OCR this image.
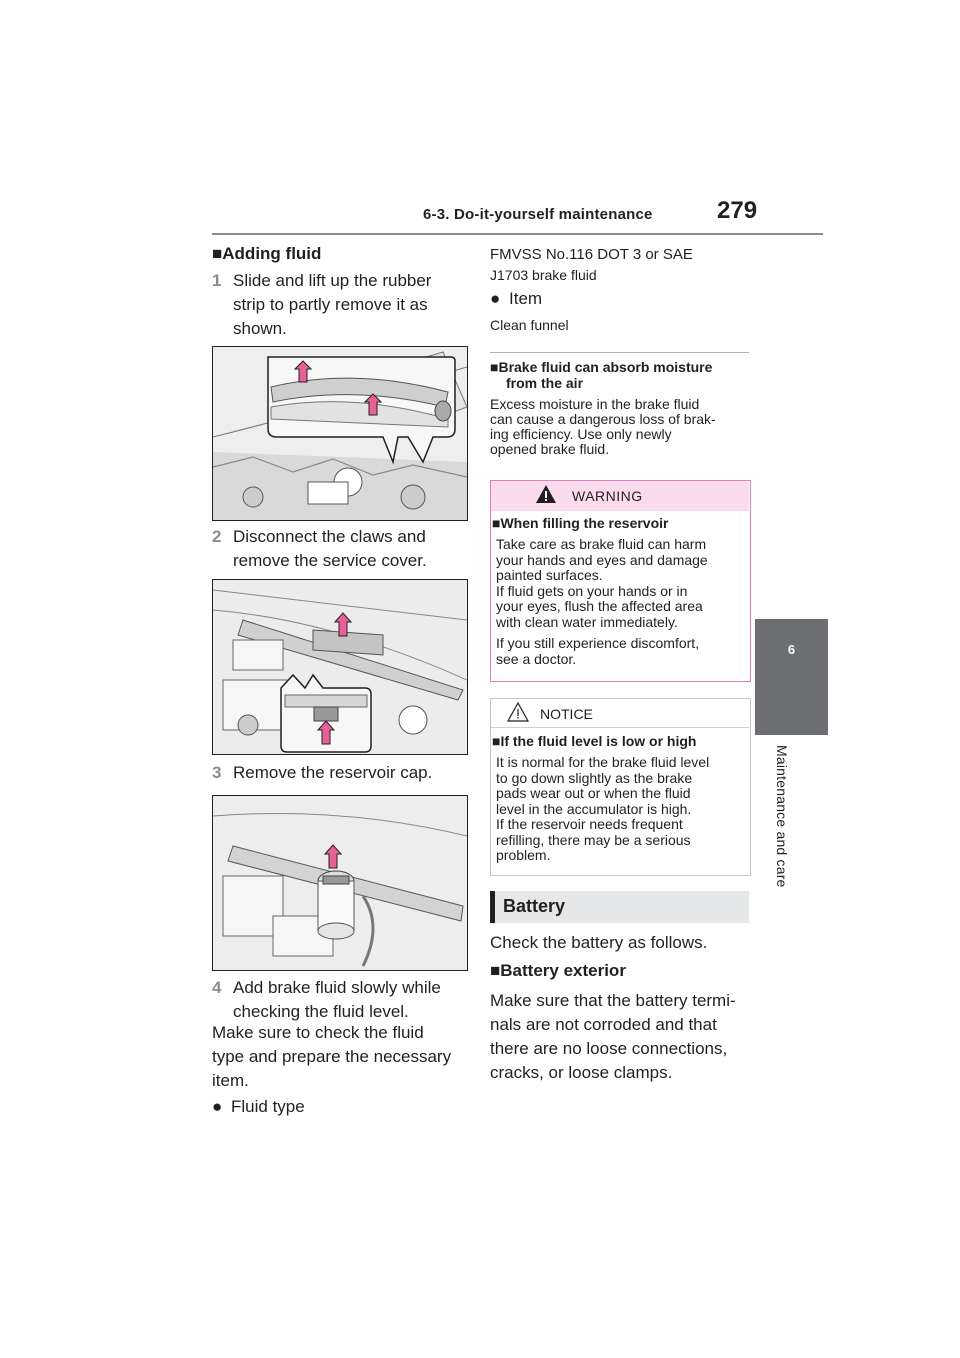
6-3. Do-it-yourself maintenance	279
6
Maintenance and care
■Adding fluid
1 Slide and lift up the rubber
strip to partly remove it as
shown.
2 Disconnect the claws and
remove the service cover.
3 Remove the reservoir cap.
4 Add brake fluid slowly while
checking the fluid level.
Make sure to check the fluid
type and prepare the necessary
item.
● Fluid type
FMVSS No.116 DOT 3 or SAE
J1703 brake fluid
● Item
Clean funnel
■Brake fluid can absorb moisture
from the air
Excess moisture in the brake fluid
can cause a dangerous loss of brak-
ing efficiency. Use only newly
opened brake fluid.
WARNING
■When filling the reservoir
Take care as brake fluid can harm
your hands and eyes and damage
painted surfaces.
If fluid gets on your hands or in
your eyes, flush the affected area
with clean water immediately.
If you still experience discomfort,
see a doctor.
NOTICE
■If the fluid level is low or high
It is normal for the brake fluid level
to go down slightly as the brake
pads wear out or when the fluid
level in the accumulator is high.
If the reservoir needs frequent
refilling, there may be a serious
problem.
Battery
Check the battery as follows.
■Battery exterior
Make sure that the battery termi-
nals are not corroded and that
there are no loose connections,
cracks, or loose clamps.
